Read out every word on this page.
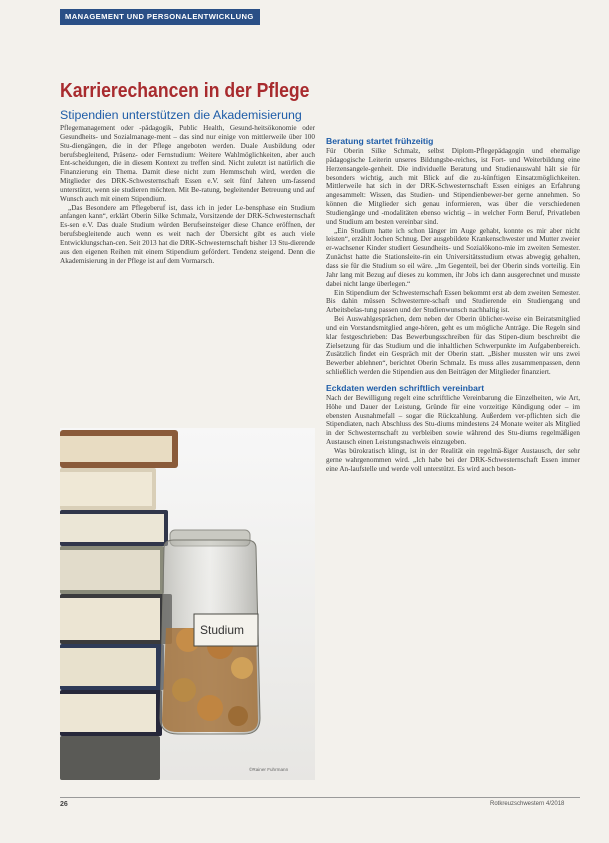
MANAGEMENT UND PERSONALENTWICKLUNG
Karrierechancen in der Pflege
Stipendien unterstützen die Akademisierung

Pflegemanagement oder -pädagogik, Public Health, Gesund-heitsökonomie oder Gesundheits- und Sozialmanage-ment – das sind nur einige von mittlerweile über 100 Stu-diengängen, die in der Pflege angeboten werden. Duale Ausbildung oder berufsbegleitend, Präsenz- oder Fernstudium: Weitere Wahlmöglichkeiten, aber auch Ent-scheidungen, die in diesem Kontext zu treffen sind. Nicht zuletzt ist natürlich die Finanzierung ein Thema. Damit diese nicht zum Hemmschuh wird, werden die Mitglieder des DRK-Schwesternschaft Essen e.V. seit fünf Jahren um-fassend unterstützt, wenn sie studieren möchten. Mit Be-ratung, begleitender Betreuung und auf Wunsch auch mit einem Stipendium.

„Das Besondere am Pflegeberuf ist, dass ich in jeder Le-bensphase ein Studium anfangen kann“, erklärt Oberin Silke Schmalz, Vorsitzende der DRK-Schwesternschaft Es-sen e.V. Das duale Studium würden Berufseinsteiger diese Chance eröffnen, der berufsbegleitende auch wenn es weit nach der Übersicht gibt es auch viele Entwicklungschan-cen. Seit 2013 hat die DRK-Schwesternschaft bisher 13 Stu-dierende aus den eigenen Reihen mit einem Stipendium gefördert. Tendenz steigend. Denn die Akademisierung in der Pflege ist auf dem Vormarsch.

Studium
©Rainer Fuhrmann

Beratung startet frühzeitig

Für Oberin Silke Schmalz, selbst Diplom-Pflegepädagogin und ehemalige pädagogische Leiterin unseres Bildungsbe-reiches, ist Fort- und Weiterbildung eine Herzensangele-genheit. Die individuelle Beratung und Studienauswahl hält sie für besonders wichtig, auch mit Blick auf die zu-künftigen Einsatzmöglichkeiten. Mittlerweile hat sich in der DRK-Schwesternschaft Essen einiges an Erfahrung angesammelt: Wissen, das Studien- und Stipendienbewer-ber gerne annehmen. So können die Mitglieder sich genau informieren, was über die verschiedenen Studiengänge und -modalitäten ebenso wichtig – in welcher Form Beruf, Privatleben und Studium am besten vereinbar sind.

„Ein Studium hatte ich schon länger im Auge gehabt, konnte es mir aber nicht leisten“, erzählt Jochen Schnug. Der ausgebildete Krankenschwester und Mutter zweier er-wachsener Kinder studiert Gesundheits- und Sozialökono-mie im zweiten Semester. Zunächst hatte die Stationsleite-rin ein Universitätsstudium etwas abwegig gehalten, dass sie für die Studium so eil wäre. „Im Gegenteil, bei der Oberin sinds vorteilig. Ein Jahr lang mit Bezug auf dieses zu kommen, ihr Jobs ich dann ausgerechnet und musste dabei nicht lange überlegen.“

Ein Stipendium der Schwesternschaft Essen bekommt erst ab dem zweiten Semester. Bis dahin müssen Schwesternre-schaft und Studierende ein Studiengang und Arbeitsbelas-tung passen und der Studienwunsch nachhaltig ist.

Bei Auswahlgesprächen, dem neben der Oberin üblicher-weise ein Beiratsmitglied und ein Vorstandsmitglied ange-hören, geht es um mögliche Anträge. Die Regeln sind klar festgeschrieben: Das Bewerbungsschreiben für das Stipen-dium beschreibt die Zielsetzung für das Studium und die inhaltlichen Schwerpunkte im Aufgabenbereich. Zusätzlich findet ein Gespräch mit der Oberin statt. „Bisher mussten wir uns zwei Bewerber ablehnen“, berichtet Oberin Schmalz. Es muss alles zusammenpassen, denn schließlich werden die Stipendien aus den Beiträgen der Mitglieder finanziert.

Eckdaten werden schriftlich vereinbart

Nach der Bewilligung regelt eine schriftliche Vereinbarung die Einzelheiten, wie Art, Höhe und Dauer der Leistung, Gründe für eine vorzeitige Kündigung oder – im ebensten Ausnahmefall – sogar die Rückzahlung. Außerdem ver-pflichten sich die Stipendiaten, nach Abschluss des Stu-diums mindestens 24 Monate weiter als Mitglied in der Schwesternschaft zu verbleiben sowie während des Stu-diums regelmäßigen Austausch einen Leistungsnachweis einzugeben.

Was bürokratisch klingt, ist in der Realität ein regelmä-ßiger Austausch, der sehr gerne wahrgenommen wird. „Ich habe bei der DRK-Schwesternschaft Essen immer eine An-laufstelle und werde voll unterstützt. Es wird auch beson-

26	Rotkreuzschwestern 4/2018
